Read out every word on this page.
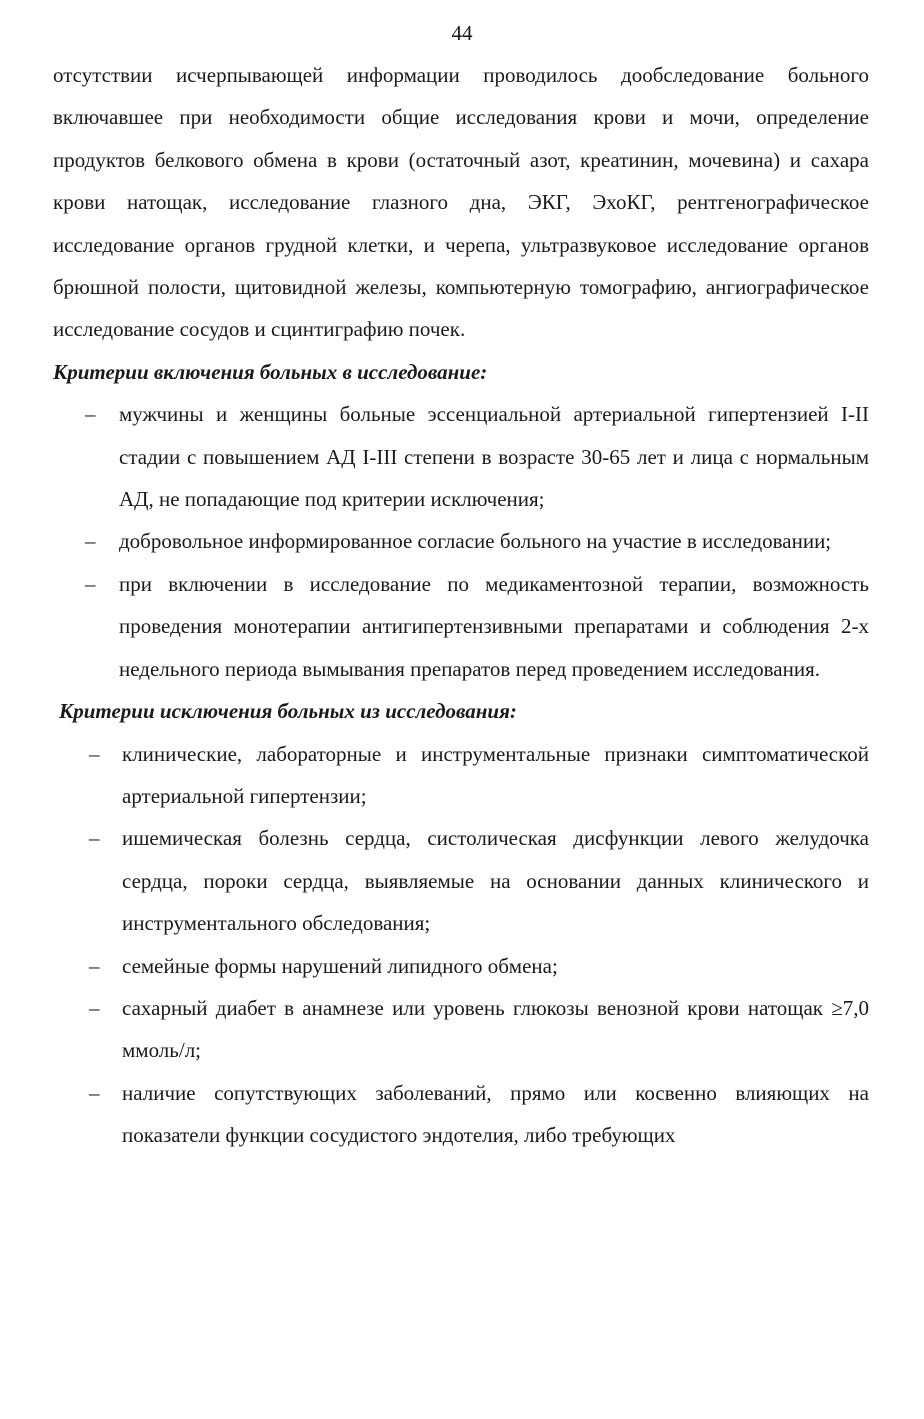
44

отсутствии исчерпывающей информации проводилось дообследование больного включавшее при необходимости общие исследования крови и мочи, определение продуктов белкового обмена в крови (остаточный азот, креатинин, мочевина) и сахара крови натощак, исследование глазного дна, ЭКГ, ЭхоКГ, рентгенографическое исследование органов грудной клетки, и черепа, ультразвуковое исследование органов брюшной полости, щитовидной железы, компьютерную томографию, ангиографическое исследование сосудов и сцинтиграфию почек.

Критерии включения больных в исследование:

– мужчины и женщины больные эссенциальной артериальной гипертензией I-II стадии с повышением АД I-III степени в возрасте 30-65 лет и лица с нормальным АД, не попадающие под критерии исключения;
– добровольное информированное согласие больного на участие в исследовании;
– при включении в исследование по медикаментозной терапии, возможность проведения монотерапии антигипертензивными препаратами и соблюдения 2-х недельного периода вымывания препаратов перед проведением исследования.

Критерии исключения больных из исследования:

– клинические, лабораторные и инструментальные признаки симптоматической артериальной гипертензии;
– ишемическая болезнь сердца, систолическая дисфункции левого желудочка сердца, пороки сердца, выявляемые на основании данных клинического и инструментального обследования;
– семейные формы нарушений липидного обмена;
– сахарный диабет в анамнезе или уровень глюкозы венозной крови натощак ≥7,0 ммоль/л;
– наличие сопутствующих заболеваний, прямо или косвенно влияющих на показатели функции сосудистого эндотелия, либо требующих
